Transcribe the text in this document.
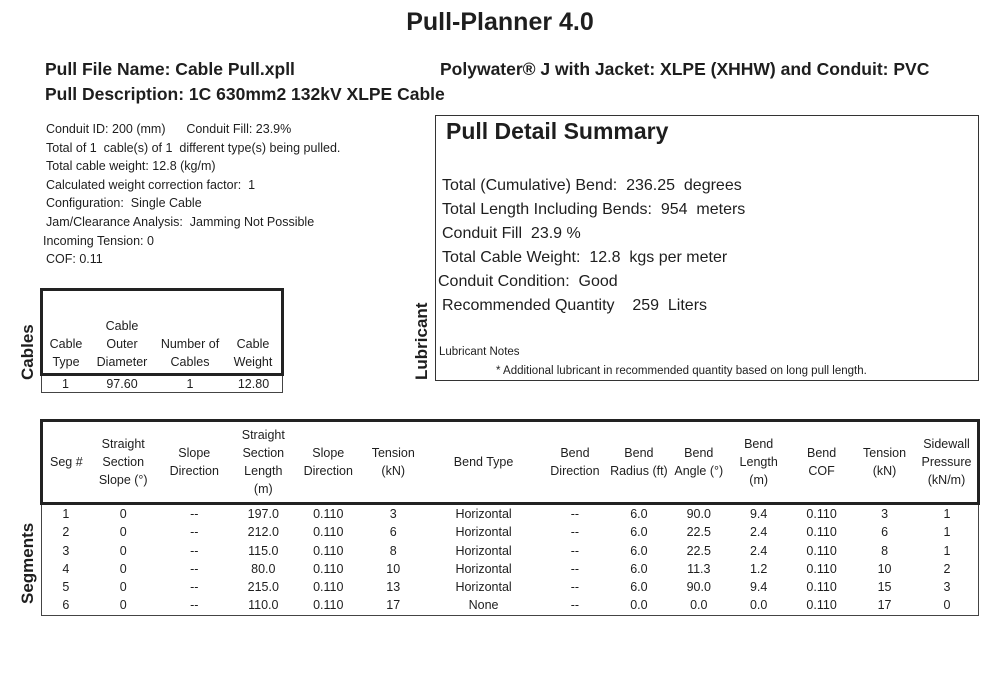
Pull-Planner 4.0
Pull File Name: Cable Pull.xpll
Pull Description: 1C 630mm2 132kV XLPE Cable
Polywater® J with Jacket: XLPE (XHHW) and Conduit: PVC
Conduit ID: 200 (mm)      Conduit Fill: 23.9%
Total of 1  cable(s) of 1  different type(s) being pulled.
Total cable weight: 12.8 (kg/m)
Calculated weight correction factor:  1
Configuration:  Single Cable
Jam/Clearance Analysis:  Jamming Not Possible
Incoming Tension: 0
COF: 0.11
Pull Detail Summary
Total (Cumulative) Bend:  236.25  degrees
Total Length Including Bends:  954  meters
Conduit Fill  23.9 %
Total Cable Weight:  12.8  kgs per meter
Conduit Condition:  Good
Recommended Quantity    259  Liters
Lubricant Notes
* Additional lubricant in recommended quantity based on long pull length.
Cables	Lubricant
Segments
Cable Type	Cable Outer Diameter	Number of Cables	Cable Weight
1	97.60	1	12.80
Seg #	Straight Section Slope (°)	Slope Direction	Straight Section Length (m)	Slope Direction	Tension (kN)	Bend Type	Bend Direction	Bend Radius (ft)	Bend Angle (°)	Bend Length (m)	Bend COF	Tension (kN)	Sidewall Pressure (kN/m)
1	0	--	197.0	0.110	3	Horizontal	--	6.0	90.0	9.4	0.110	3	1
2	0	--	212.0	0.110	6	Horizontal	--	6.0	22.5	2.4	0.110	6	1
3	0	--	115.0	0.110	8	Horizontal	--	6.0	22.5	2.4	0.110	8	1
4	0	--	80.0	0.110	10	Horizontal	--	6.0	11.3	1.2	0.110	10	2
5	0	--	215.0	0.110	13	Horizontal	--	6.0	90.0	9.4	0.110	15	3
6	0	--	110.0	0.110	17	None	--	0.0	0.0	0.0	0.110	17	0
